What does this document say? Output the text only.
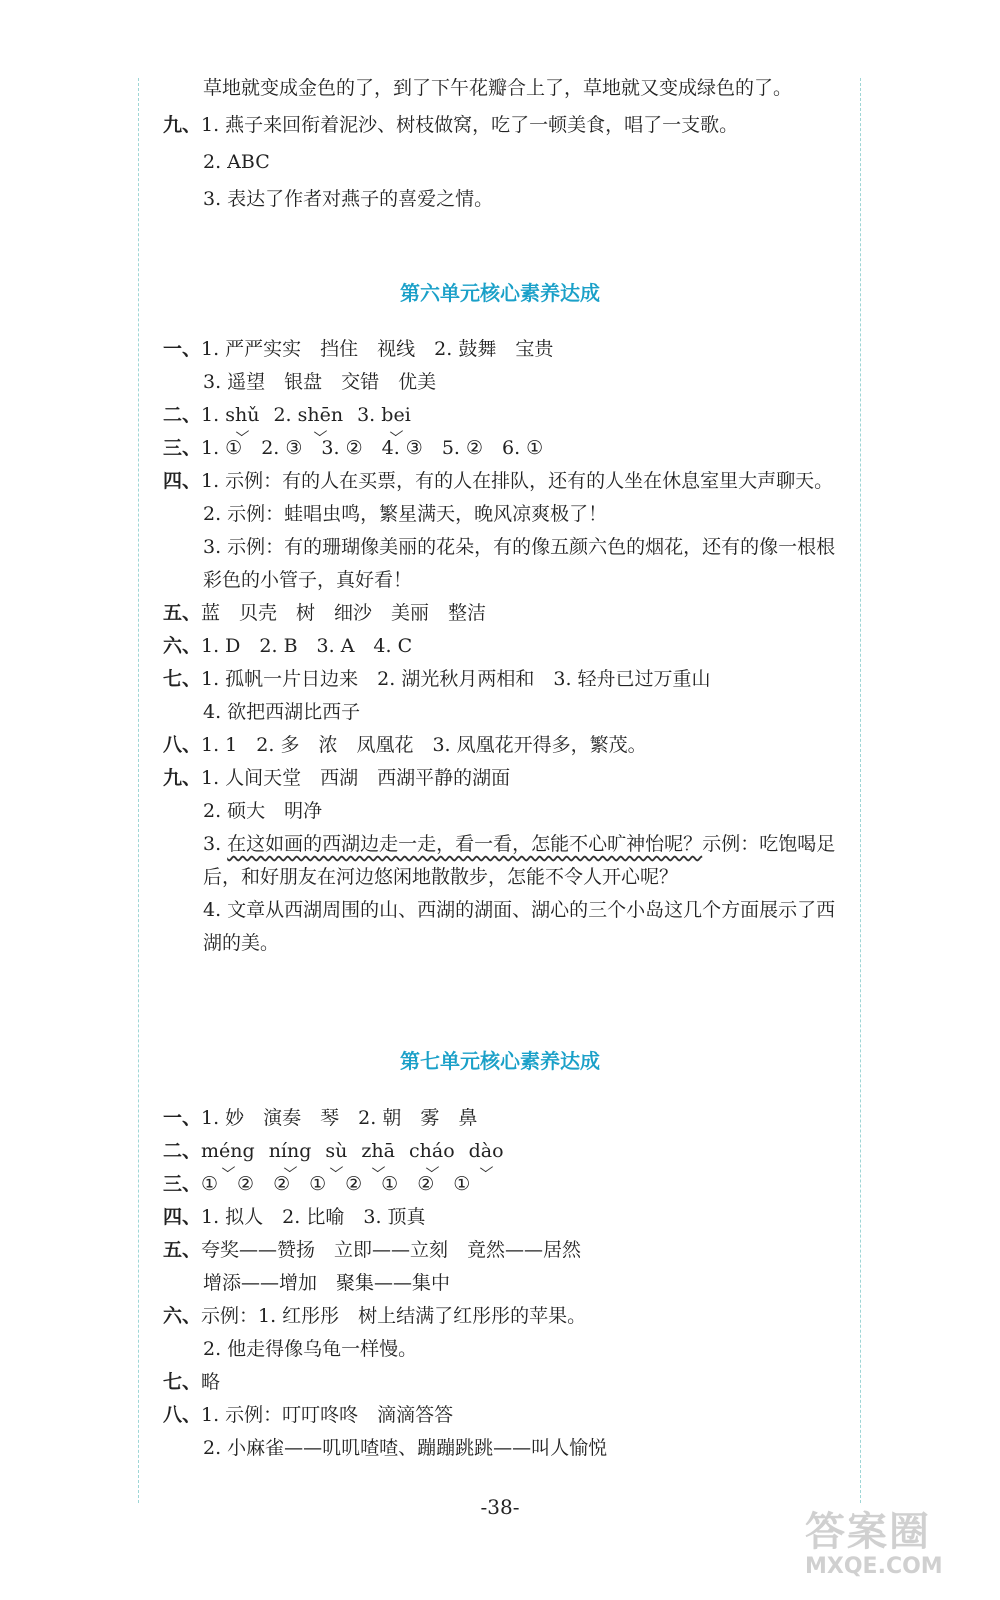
草地就变成金色的了，到了下午花瓣合上了，草地就又变成绿色的了。
九、1. 燕子来回衔着泥沙、树枝做窝，吃了一顿美食，唱了一支歌。
2. ABC
3. 表达了作者对燕子的喜爱之情。
第六单元核心素养达成
一、1. 严严实实　挡住　视线　2. 鼓舞　宝贵
3. 遥望　银盘　交错　优美
二、1. shǔ 2. shēn 3. bei
三、1. ①　2. ③　3. ②　4. ③　5. ②　6. ①
四、1. 示例：有的人在买票，有的人在排队，还有的人坐在休息室里大声聊天。
2. 示例：蛙唱虫鸣，繁星满天，晚风凉爽极了！
3. 示例：有的珊瑚像美丽的花朵，有的像五颜六色的烟花，还有的像一根根彩色的小管子，真好看！
五、蓝　贝壳　树　细沙　美丽　整洁
六、1. D　2. B　3. A　4. C
七、1. 孤帆一片日边来　2. 湖光秋月两相和　3. 轻舟已过万重山
4. 欲把西湖比西子
八、1. 1　2. 多　浓　凤凰花　3. 凤凰花开得多，繁茂。
九、1. 人间天堂　西湖　西湖平静的湖面
2. 硕大　明净
3. 在这如画的西湖边走一走，看一看，怎能不心旷神怡呢？示例：吃饱喝足后，和好朋友在河边悠闲地散散步，怎能不令人开心呢？
4. 文章从西湖周围的山、西湖的湖面、湖心的三个小岛这几个方面展示了西湖的美。
第七单元核心素养达成
一、1. 妙　演奏　琴　2. 朝　雾　鼻
二、méng níng sù zhā cháo dào
三、①　②　②　①　②　①　②　①
四、1. 拟人　2. 比喻　3. 顶真
五、夸奖——赞扬　立即——立刻　竟然——居然
增添——增加　聚集——集中
六、示例：1. 红彤彤　树上结满了红彤彤的苹果。
2. 他走得像乌龟一样慢。
七、略
八、1. 示例：叮叮咚咚　滴滴答答
2. 小麻雀——叽叽喳喳、蹦蹦跳跳——叫人愉悦
-38-
答案圈
MXQE.COM
